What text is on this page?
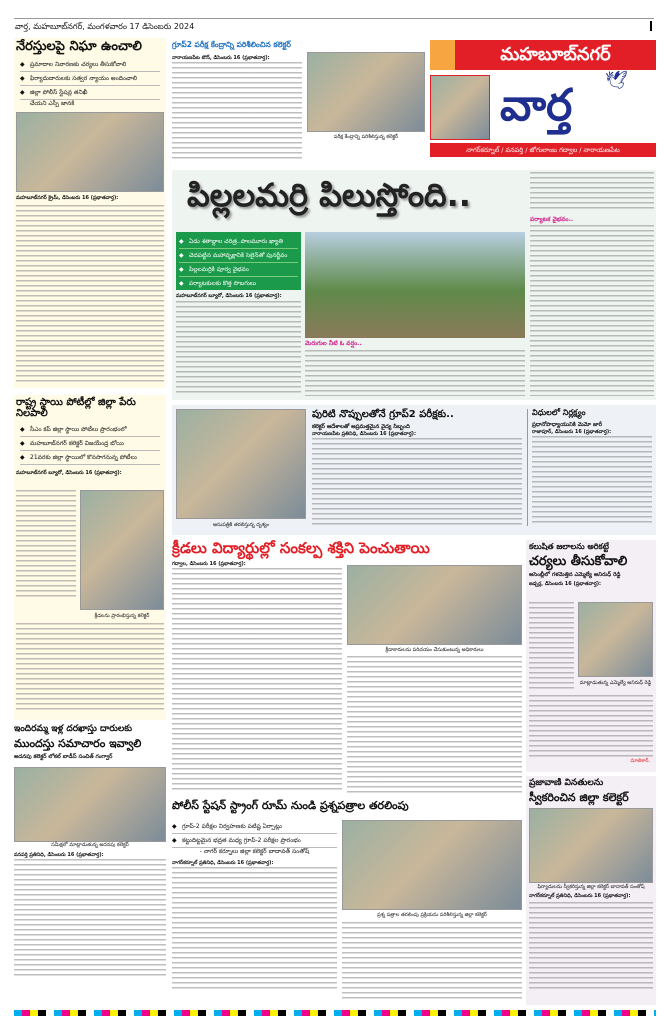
వార్త, మహబూబ్‌నగర్, మంగళవారం 17 డిసెంబరు 2024
నేరస్తులపై నిఘా ఉంచాలి
◆ ప్రమాదాల నివారణకు చర్యలు తీసుకోవాలి
◆ ఫిర్యాదుదారులకు సత్వర న్యాయం అందించాలి
◆ జిల్లా పోలీస్ స్టేషన్ల తనిఖీ
చేయని ఎస్పీ జానకి
మహబూబ్‌నగర్ క్రైమ్, డిసెంబరు 16 (ప్రభాతవార్త):
రాష్ట్ర స్థాయి పోటీల్లో జిల్లా పేరు నిలపాలి
◆ సీఎం కప్ జిల్లా స్థాయి పోటీలు ప్రారంభంలో
◆ మహబూబ్‌నగర్ కలెక్టర్ విజయేంద్ర బోయి
◆ 21వరకు జిల్లా స్థాయిలో కొనసాగనున్న పోటీలు
మహబూబ్‌నగర్ బ్యూరో, డిసెంబరు 16 (ప్రభాతవార్త):
క్రీడలను ప్రారంభిస్తున్న కలెక్టర్
ఇందిరమ్మ ఇళ్ల దరఖాస్తు దారులకు
ముందస్తు సమాచారం ఇవ్వాలి
అదనపు కలెక్టర్ లోకల్ బాడీస్ సంచిత్ గంగ్వార్
సమీక్షలో మాట్లాడుతున్న అదనపు కలెక్టర్
వనపర్తి ప్రతినిధి, డిసెంబరు 16 (ప్రభాతవార్త):
గ్రూప్2 పరీక్ష కేంద్రాన్ని పరిశీలించిన కలెక్టర్
నారాయణపేట టౌన్, డిసెంబరు 16 (ప్రభాతవార్త):
పరీక్ష కేంద్రాన్ని పరిశీలిస్తున్న కలెక్టర్
మహబూబ్‌నగర్
వార్త 🕊
నాగర్‌కర్నూల్ / వనపర్తి / జోగులాంబ గద్వాల / నారాయణపేట
పిల్లలమర్రి పిలుస్తోంది..
◆ ఏడు శతాబ్దాల చరిత్ర..పాలమూరు ఖ్యాతి
◆ చెదపట్టిన మహావృక్షానికి సెలైన్‌తో పునర్జీవం
◆ పిల్లలమర్రికి పూర్వ వైభవం
◆ పర్యాటకులకు కొత్త సొబగులు
మహబూబ్‌నగర్ బ్యూరో, డిసెంబరు 16 (ప్రభాతవార్త):
మెరుగుల నీటి ఓ వర్షం..
పర్యాటక వైభవం..
ఆసుపత్రికి తరలిస్తున్న దృశ్యం
పురిటి నొప్పులతోనే గ్రూప్2 పరీక్షకు..
కలెక్టర్ ఆదేశాలతో అప్రమత్తమైన వైద్య సిబ్బంది
నారాయణపేట ప్రతినిధి, డిసెంబరు 16 (ప్రభాతవార్త):
విధులలో నిర్లక్ష్యం
ప్రధానోపాధ్యాయునికి మెమో జారీ
రాజాపూర్, డిసెంబరు 16 (ప్రభాతవార్త):
క్రీడలు విద్యార్థుల్లో సంకల్ప శక్తిని పెంచుతాయి
గద్వాల, డిసెంబరు 16 (ప్రభాతవార్త):
క్రీడాకారులను పరిచయం చేసుకుంటున్న అధికారులు
కలుషిత జలాలను అరికట్టే
చర్యలు తీసుకోవాలి
అసెంబ్లీలో గళమెత్తిన ఎమ్మెల్యే అనిరుధ్ రెడ్డి
జడ్చర్ల, డిసెంబరు 16 (ప్రభాతవార్త):
మాట్లాడుతున్న ఎమ్మెల్యే అనిరుధ్ రెడ్డి
మాజీశార్.
పోలీస్ స్టేషన్ స్ట్రాంగ్ రూమ్ నుండి ప్రశ్నపత్రాల తరలింపు
◆ గ్రూప్-2 పరీక్షల నిర్వహణకు పటిష్ట ఏర్పాట్లు
◆ కట్టుదిట్టమైన భద్రత మధ్య గ్రూప్-2 పరీక్షల ప్రారంభం
- నాగర్ కర్నూలు జిల్లా కలెక్టర్ బాదావత్ సంతోష్
నాగర్‌కర్నూల్ ప్రతినిధి, డిసెంబరు 16 (ప్రభాతవార్త):
ప్రశ్న పత్రాల తరలింపు ప్రక్రియను పరిశీలిస్తున్న జిల్లా కలెక్టర్
ప్రజావాణి వినతులను
స్వీకరించిన జిల్లా కలెక్టర్
ఫిర్యాదులను స్వీకరిస్తున్న జిల్లా కలెక్టర్ బాదావత్ సంతోష్
నాగర్‌కర్నూల్ ప్రతినిధి, డిసెంబరు 16 (ప్రభాతవార్త):
